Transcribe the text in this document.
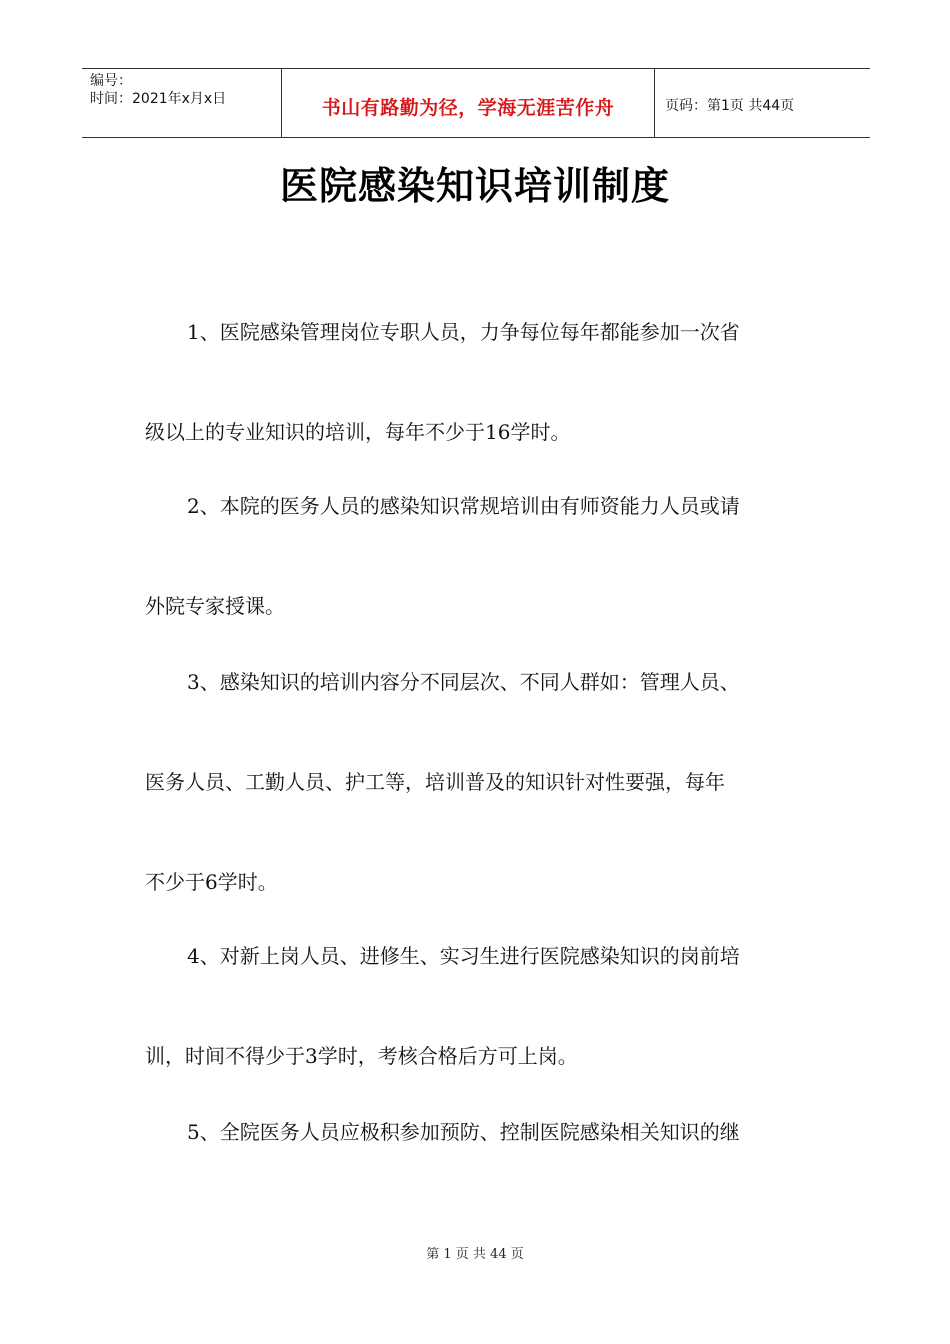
编号：
时间：2021年x月x日	书山有路勤为径，学海无涯苦作舟	页码：第1页 共44页
医院感染知识培训制度
1、医院感染管理岗位专职人员，力争每位每年都能参加一次省
级以上的专业知识的培训，每年不少于16学时。
2、本院的医务人员的感染知识常规培训由有师资能力人员或请
外院专家授课。
3、感染知识的培训内容分不同层次、不同人群如：管理人员、
医务人员、工勤人员、护工等，培训普及的知识针对性要强，每年
不少于6学时。
4、对新上岗人员、进修生、实习生进行医院感染知识的岗前培
训，时间不得少于3学时，考核合格后方可上岗。
5、全院医务人员应极积参加预防、控制医院感染相关知识的继
第 1 页 共 44 页
